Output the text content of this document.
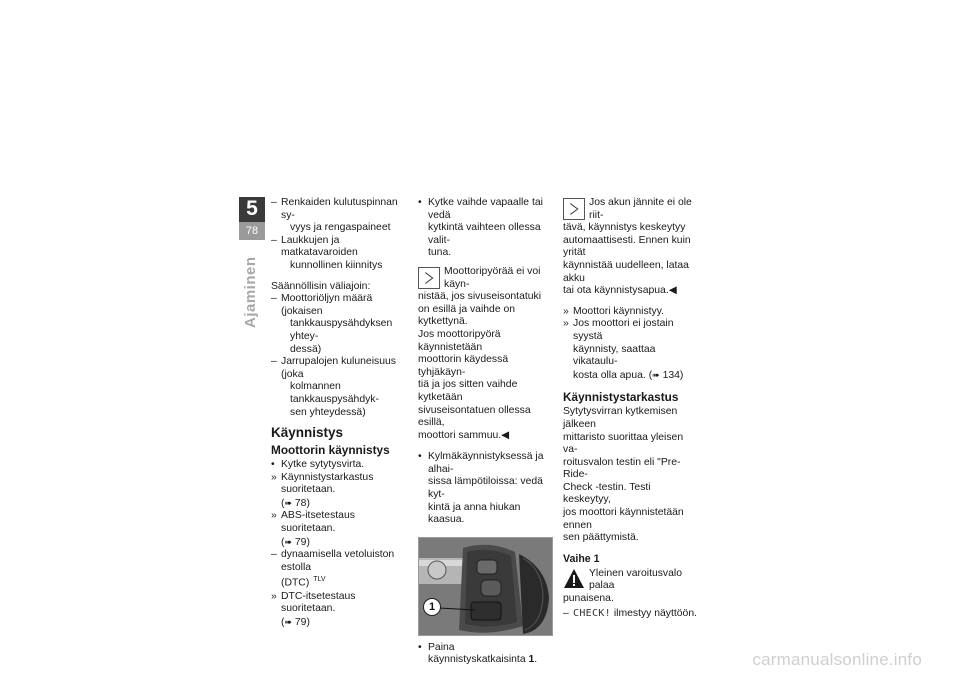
5
78
Ajaminen
– Renkaiden kulutuspinnan sy-

vyys ja rengaspaineet

– Laukkujen ja matkatavaroiden

kunnollinen kiinnitys

Säännöllisin väliajoin:

– Moottoriöljyn määrä (jokaisen

tankkauspysähdyksen yhtey-

dessä)

– Jarrupalojen kuluneisuus (joka

kolmannen tankkauspysähdyk-

sen yhteydessä)

Käynnistys
Moottorin käynnistys
• Kytke sytytysvirta.

» Käynnistystarkastus suoritetaan.

(➠ 78)

» ABS-itsetestaus suoritetaan.

(➠ 79)

– dynaamisella vetoluiston estolla

(DTC) $^{TLV}$

» DTC-itsetestaus suoritetaan.

(➠ 79)

• Kytke vaihde vapaalle tai vedä

kytkintä vaihteen ollessa valit-

tuna.

Moottoripyörää ei voi käyn-

nistää, jos sivuseisontatuki

on esillä ja vaihde on kytkettynä.

Jos moottoripyörä käynnistetään

moottorin käydessä tyhjäkäyn-

tiä ja jos sitten vaihde kytketään

sivuseisontatuen ollessa esillä,

moottori sammuu.◀

• Kylmäkäynnistyksessä ja alhai-

sissa lämpötiloissa: vedä kyt-

kintä ja anna hiukan kaasua.

1
• Paina käynnistyskatkaisinta 1.

Jos akun jännite ei ole riit-

tävä, käynnistys keskeytyy

automaattisesti. Ennen kuin yrität

käynnistää uudelleen, lataa akku

tai ota käynnistysapua.◀

» Moottori käynnistyy.

» Jos moottori ei jostain syystä

käynnisty, saattaa vikataulu-

kosta olla apua. (➠ 134)

Käynnistystarkastus

Sytytysvirran kytkemisen jälkeen

mittaristo suorittaa yleisen va-

roitusvalon testin eli "Pre-Ride-

Check -testin. Testi keskeytyy,

jos moottori käynnistetään ennen

sen päättymistä.

Vaihe 1

Yleinen varoitusvalo palaa

punaisena.

– CHECK! ilmestyy näyttöön.

carmanualsonline.info
